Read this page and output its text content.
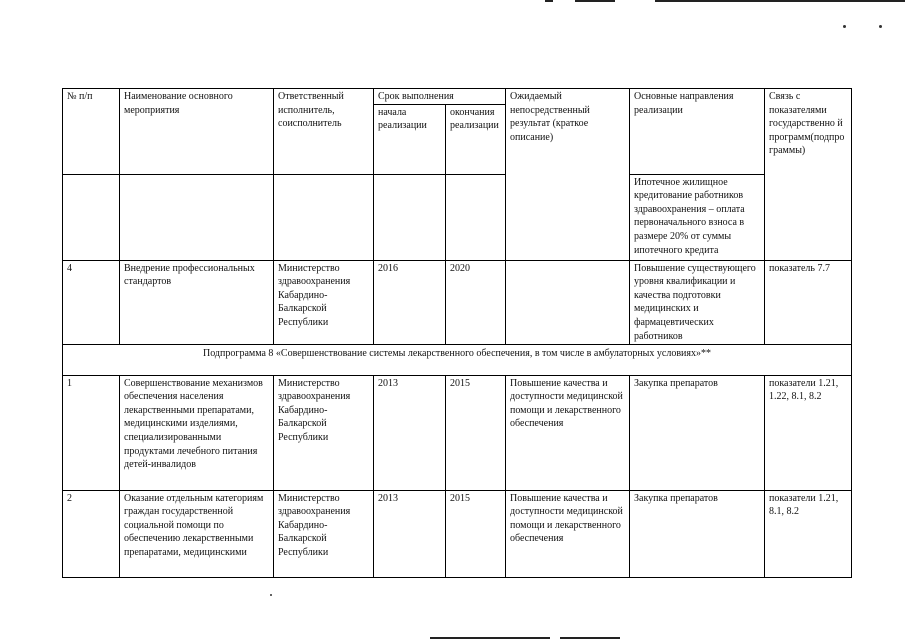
№ п/п	Наименование основного мероприятия	Ответственный исполнитель, соисполнитель	Срок выполнения		Ожидаемый непосредственный результат (краткое описание)	Основные направления реализации	Связь с показателями государственно й программ(подпрограммы)
			начала реализации	окончания реализации			
						Ипотечное жилищное кредитование работников здравоохранения – оплата первоначального взноса в размере 20% от суммы ипотечного кредита	
4	Внедрение профессиональных стандартов	Министерство здравоохранения Кабардино-Балкарской Республики	2016	2020		Повышение существующего уровня квалификации и качества подготовки медицинских и фармацевтических работников	показатель 7.7
Подпрограмма 8 «Совершенствование системы лекарственного обеспечения, в том числе в амбулаторных условиях»**							
1	Совершенствование механизмов обеспечения населения лекарственными препаратами, медицинскими изделиями, специализированными продуктами лечебного питания детей-инвалидов	Министерство здравоохранения Кабардино-Балкарской Республики	2013	2015	Повышение качества и доступности медицинской помощи и лекарственного обеспечения	Закупка препаратов	показатели 1.21, 1.22, 8.1, 8.2
2	Оказание отдельным категориям граждан государственной социальной помощи по обеспечению лекарственными препаратами, медицинскими	Министерство здравоохранения Кабардино-Балкарской Республики	2013	2015	Повышение качества и доступности медицинской помощи и лекарственного обеспечения	Закупка препаратов	показатели 1.21, 8.1, 8.2
